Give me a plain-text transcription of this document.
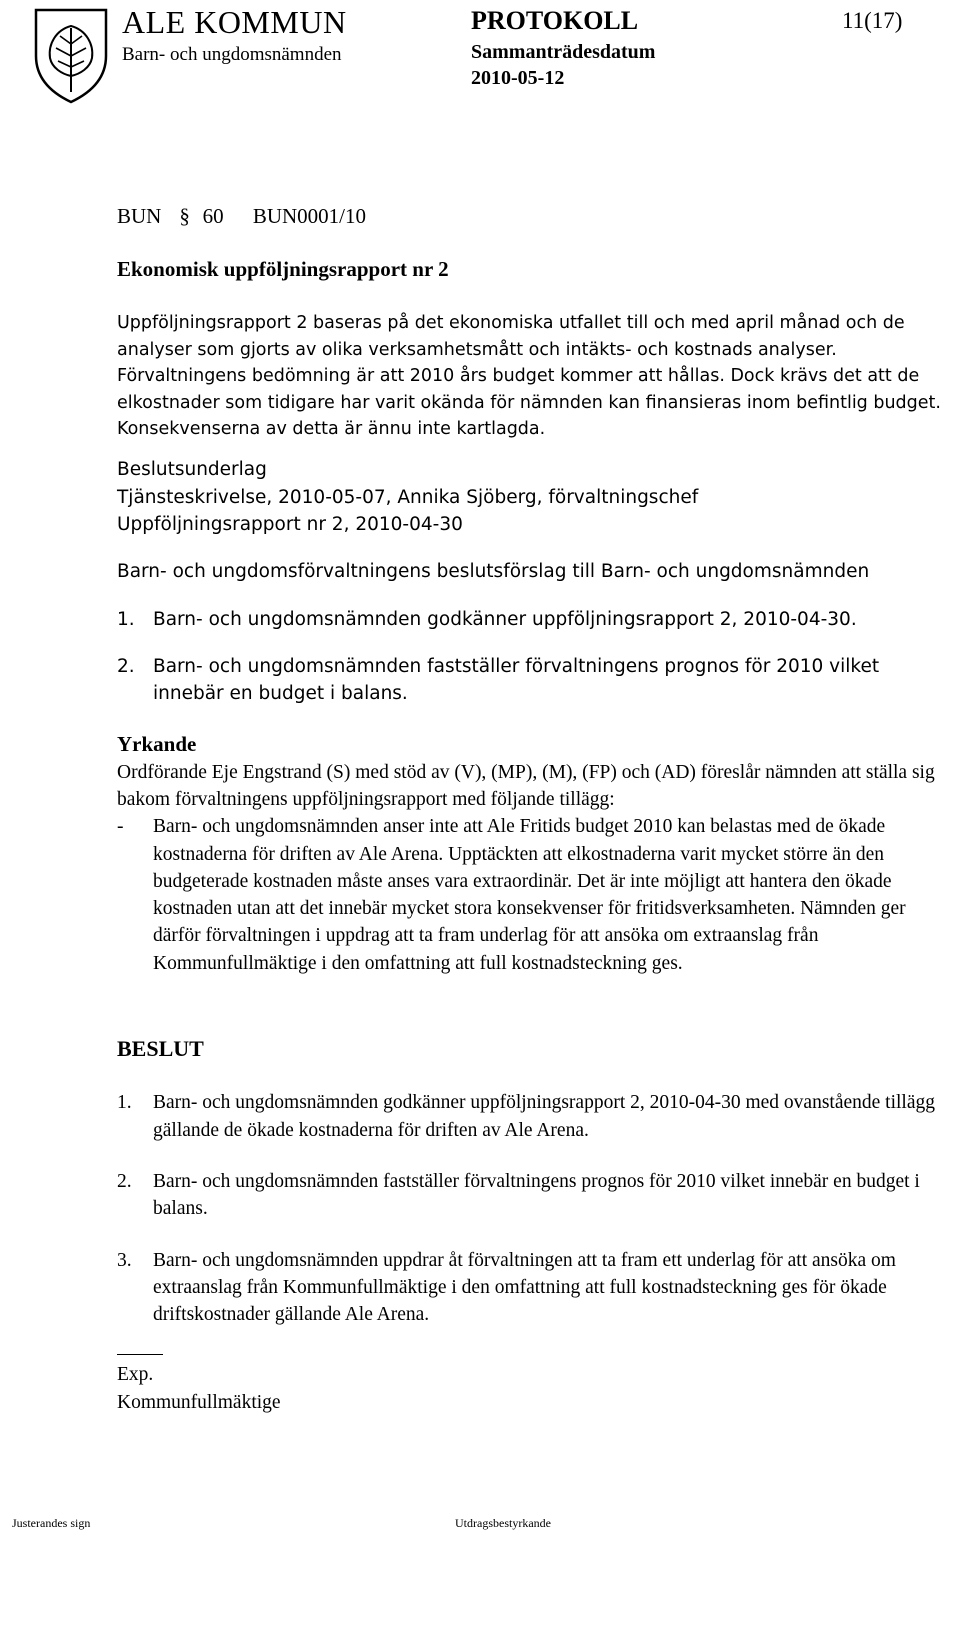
ALE KOMMUN
Barn- och ungdomsnämnden
PROTOKOLL	11(17)
Sammanträdesdatum
2010-05-12
BUN § 60 BUN0001/10
Ekonomisk uppföljningsrapport nr 2

Uppföljningsrapport 2 baseras på det ekonomiska utfallet till och med april månad och de analyser som gjorts av olika verksamhetsmått och intäkts- och kostnads analyser. Förvaltningens bedömning är att 2010 års budget kommer att hållas. Dock krävs det att de elkostnader som tidigare har varit okända för nämnden kan finansieras inom befintlig budget. Konsekvenserna av detta är ännu inte kartlagda.

Beslutsunderlag
Tjänsteskrivelse, 2010-05-07, Annika Sjöberg, förvaltningschef
Uppföljningsrapport nr 2, 2010-04-30
Barn- och ungdomsförvaltningens beslutsförslag till Barn- och ungdomsnämnden
1. Barn- och ungdomsnämnden godkänner uppföljningsrapport 2, 2010-04-30.
2. Barn- och ungdomsnämnden fastställer förvaltningens prognos för 2010 vilket innebär en budget i balans.
Yrkande

Ordförande Eje Engstrand (S) med stöd av (V), (MP), (M), (FP) och (AD) föreslår nämnden att ställa sig bakom förvaltningens uppföljningsrapport med följande tillägg:

-	Barn- och ungdomsnämnden anser inte att Ale Fritids budget 2010 kan belastas med de ökade kostnaderna för driften av Ale Arena. Upptäckten att elkostnaderna varit mycket större än den budgeterade kostnaden måste anses vara extraordinär. Det är inte möjligt att hantera den ökade kostnaden utan att det innebär mycket stora konsekvenser för fritidsverksamheten. Nämnden ger därför förvaltningen i uppdrag att ta fram underlag för att ansöka om extraanslag från Kommunfullmäktige i den omfattning att full kostnadsteckning ges.
BESLUT
1.	Barn- och ungdomsnämnden godkänner uppföljningsrapport 2, 2010-04-30 med ovanstående tillägg gällande de ökade kostnaderna för driften av Ale Arena.
2.	Barn- och ungdomsnämnden fastställer förvaltningens prognos för 2010 vilket innebär en budget i balans.
3.	Barn- och ungdomsnämnden uppdrar åt förvaltningen att ta fram ett underlag för att ansöka om extraanslag från Kommunfullmäktige i den omfattning att full kostnadsteckning ges för ökade driftskostnader gällande Ale Arena.
Exp.
Kommunfullmäktige
Justerandes sign	Utdragsbestyrkande
